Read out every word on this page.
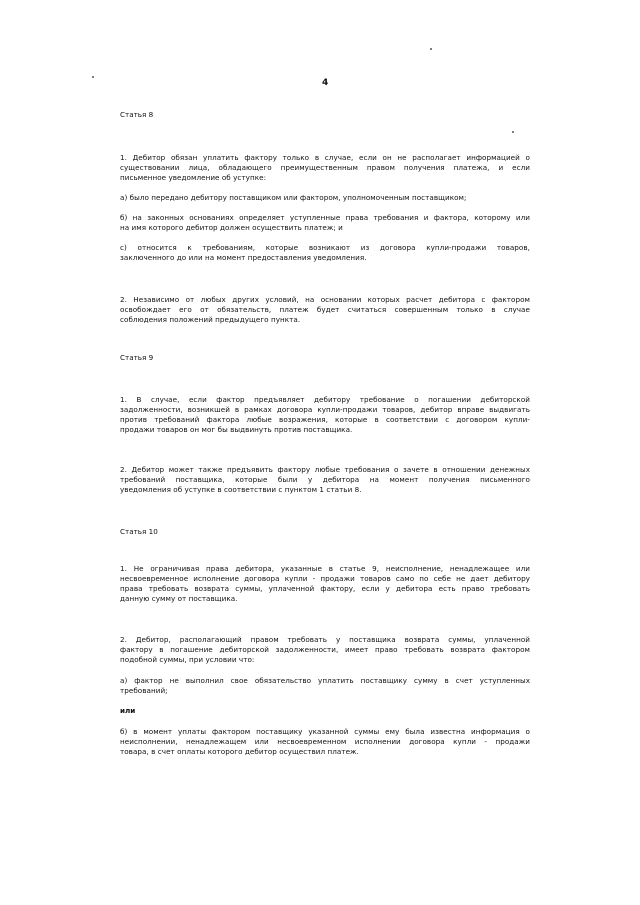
4

Статья 8

1. Дебитор обязан уплатить фактору только в случае, если он не располагает информацией о
существовании лица, обладающего преимущественным правом получения платежа, и если
письменное уведомление об уступке:

а) было передано дебитору поставщиком или фактором, уполномоченным поставщиком;

б) на законных основаниях определяет уступленные права требования и фактора, которому или
на имя которого дебитор должен осуществить платеж; и

с) относится к требованиям, которые возникают из договора купли-продажи товаров,
заключенного до или на момент предоставления уведомления.

2. Независимо от любых других условий, на основании которых расчет дебитора с фактором
освобождает его от обязательств, платеж будет считаться совершенным только в случае
соблюдения положений предыдущего пункта.

Статья 9

1. В случае, если фактор предъявляет дебитору требование о погашении дебиторской
задолженности, возникшей в рамках договора купли-продажи товаров, дебитор вправе выдвигать
против требований фактора любые возражения, которые в соответствии с договором купли-
продажи товаров он мог бы выдвинуть против поставщика.

2. Дебитор может также предъявить фактору любые требования о зачете в отношении денежных
требований поставщика, которые были у дебитора на момент получения письменного
уведомления об уступке в соответствии с пунктом 1 статьи 8.

Статья 10

1. Не ограничивая права дебитора, указанные в статье 9, неисполнение, ненадлежащее или
несвоевременное исполнение договора купли - продажи товаров само по себе не дает дебитору
права требовать возврата суммы, уплаченной фактору, если у дебитора есть право требовать
данную сумму от поставщика.

2. Дебитор, располагающий правом требовать у поставщика возврата суммы, уплаченной
фактору в погашение дебиторской задолженности, имеет право требовать возврата фактором
подобной суммы, при условии что:

а) фактор не выполнил свое обязательство уплатить поставщику сумму в счет уступленных
требований;

или

б) в момент уплаты фактором поставщику указанной суммы ему была известна информация о
неисполнении, ненадлежащем или несвоевременном исполнении договора купли - продажи
товара, в счет оплаты которого дебитор осуществил платеж.
